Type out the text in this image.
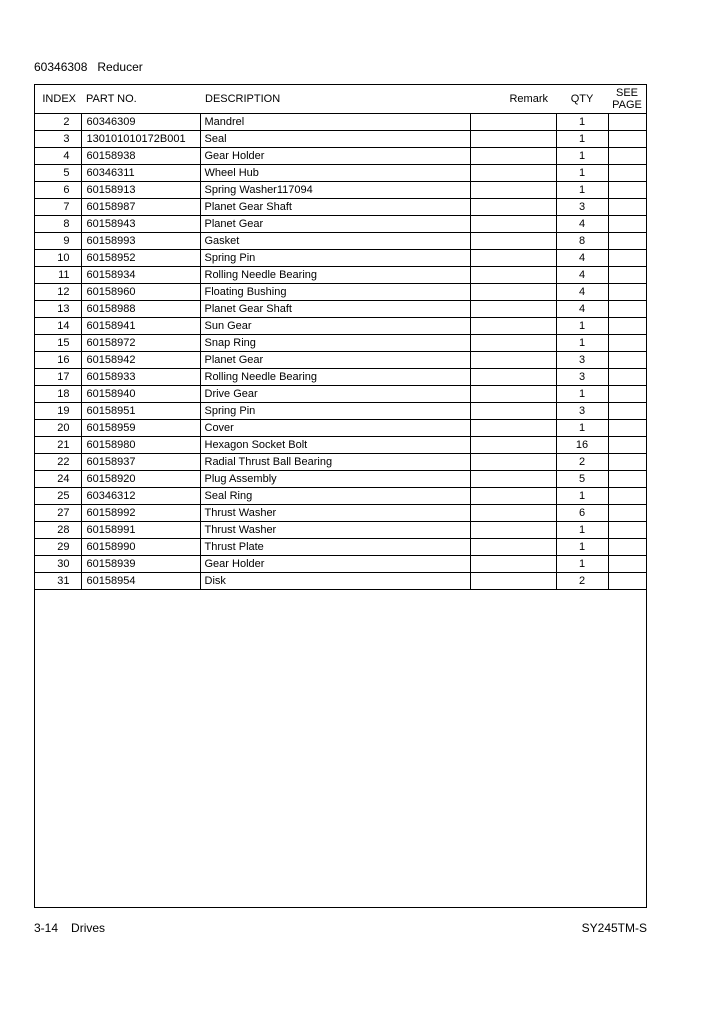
60346308 Reducer
INDEX	PART NO.	DESCRIPTION	Remark	QTY	SEE
PAGE
2	60346309	Mandrel		1	
3	130101010172B001	Seal		1	
4	60158938	Gear Holder		1	
5	60346311	Wheel Hub		1	
6	60158913	Spring Washer117094		1	
7	60158987	Planet Gear Shaft		3	
8	60158943	Planet Gear		4	
9	60158993	Gasket		8	
10	60158952	Spring Pin		4	
11	60158934	Rolling Needle Bearing		4	
12	60158960	Floating Bushing		4	
13	60158988	Planet Gear Shaft		4	
14	60158941	Sun Gear		1	
15	60158972	Snap Ring		1	
16	60158942	Planet Gear		3	
17	60158933	Rolling Needle Bearing		3	
18	60158940	Drive Gear		1	
19	60158951	Spring Pin		3	
20	60158959	Cover		1	
21	60158980	Hexagon Socket Bolt		16	
22	60158937	Radial Thrust Ball Bearing		2	
24	60158920	Plug Assembly		5	
25	60346312	Seal Ring		1	
27	60158992	Thrust Washer		6	
28	60158991	Thrust Washer		1	
29	60158990	Thrust Plate		1	
30	60158939	Gear Holder		1	
31	60158954	Disk		2	
3-14 Drives	SY245TM-S
